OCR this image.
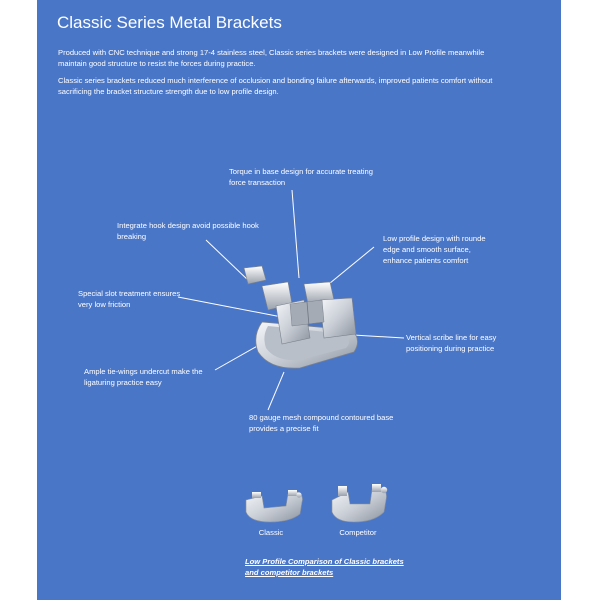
Classic Series Metal Brackets
Produced with CNC technique and strong 17-4 stainless steel, Classic series brackets were designed in Low Profile meanwhile maintain good structure to resist the forces during practice.
Classic series brackets reduced much interference of occlusion and bonding failure afterwards, improved patients comfort without sacrificing the bracket structure strength due to low profile design.
Torque in base design for accurate treating force transaction
Integrate hook design avoid possible hook breaking	Low profile design with rounde edge and smooth surface, enhance patients comfort
Special slot treatment ensures very low friction
Vertical scribe line for easy positioning during practice
Ample tie-wings undercut make the ligaturing practice easy
80 gauge mesh compound contoured base provides a precise fit
Classic	Competitor
Low Profile Comparison of Classic brackets and competitor brackets
